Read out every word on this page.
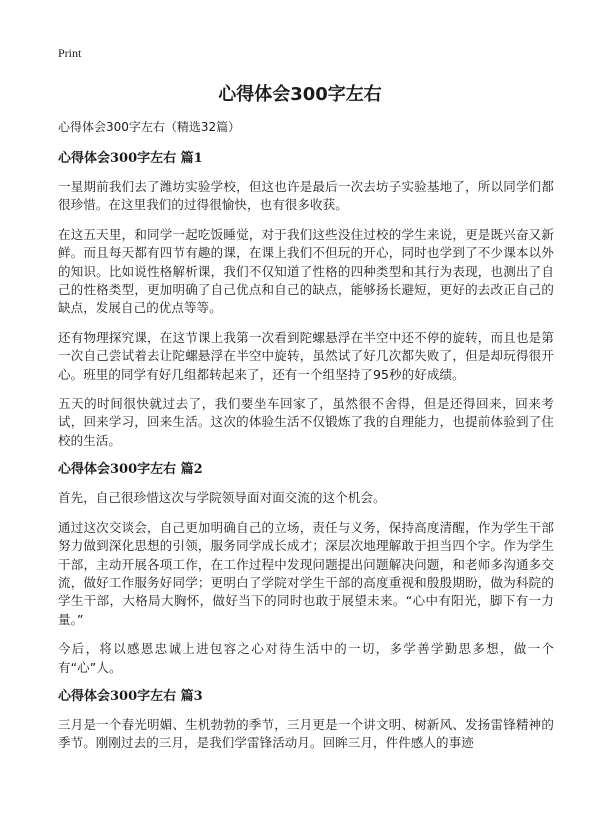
Print
心得体会300字左右

心得体会300字左右（精选32篇）

心得体会300字左右 篇1

一星期前我们去了潍坊实验学校，但这也许是最后一次去坊子实验基地了，所以同学们都很珍惜。在这里我们的过得很愉快，也有很多收获。

在这五天里，和同学一起吃饭睡觉，对于我们这些没住过校的学生来说，更是既兴奋又新鲜。而且每天都有四节有趣的课，在课上我们不但玩的开心，同时也学到了不少课本以外的知识。比如说性格解析课，我们不仅知道了性格的四种类型和其行为表现，也测出了自己的性格类型，更加明确了自己优点和自己的缺点，能够扬长避短，更好的去改正自己的缺点，发展自己的优点等等。

还有物理探究课，在这节课上我第一次看到陀螺悬浮在半空中还不停的旋转，而且也是第一次自己尝试着去让陀螺悬浮在半空中旋转，虽然试了好几次都失败了，但是却玩得很开心。班里的同学有好几组都转起来了，还有一个组坚持了95秒的好成绩。

五天的时间很快就过去了，我们要坐车回家了，虽然很不舍得，但是还得回来，回来考试，回来学习，回来生活。这次的体验生活不仅锻炼了我的自理能力，也提前体验到了住校的生活。

心得体会300字左右 篇2

首先，自己很珍惜这次与学院领导面对面交流的这个机会。

通过这次交谈会，自己更加明确自己的立场，责任与义务，保持高度清醒，作为学生干部努力做到深化思想的引领，服务同学成长成才；深层次地理解敢于担当四个字。作为学生干部，主动开展各项工作，在工作过程中发现问题提出问题解决问题，和老师多沟通多交流，做好工作服务好同学；更明白了学院对学生干部的高度重视和殷殷期盼，做为科院的学生干部，大格局大胸怀，做好当下的同时也敢于展望未来。“心中有阳光，脚下有一力量。”

今后，将以感恩忠诚上进包容之心对待生活中的一切，多学善学勤思多想，做一个有“心”人。

心得体会300字左右 篇3

三月是一个春光明媚、生机勃勃的季节，三月更是一个讲文明、树新风、发扬雷锋精神的季节。刚刚过去的三月，是我们学雷锋活动月。回眸三月，件件感人的事迹
